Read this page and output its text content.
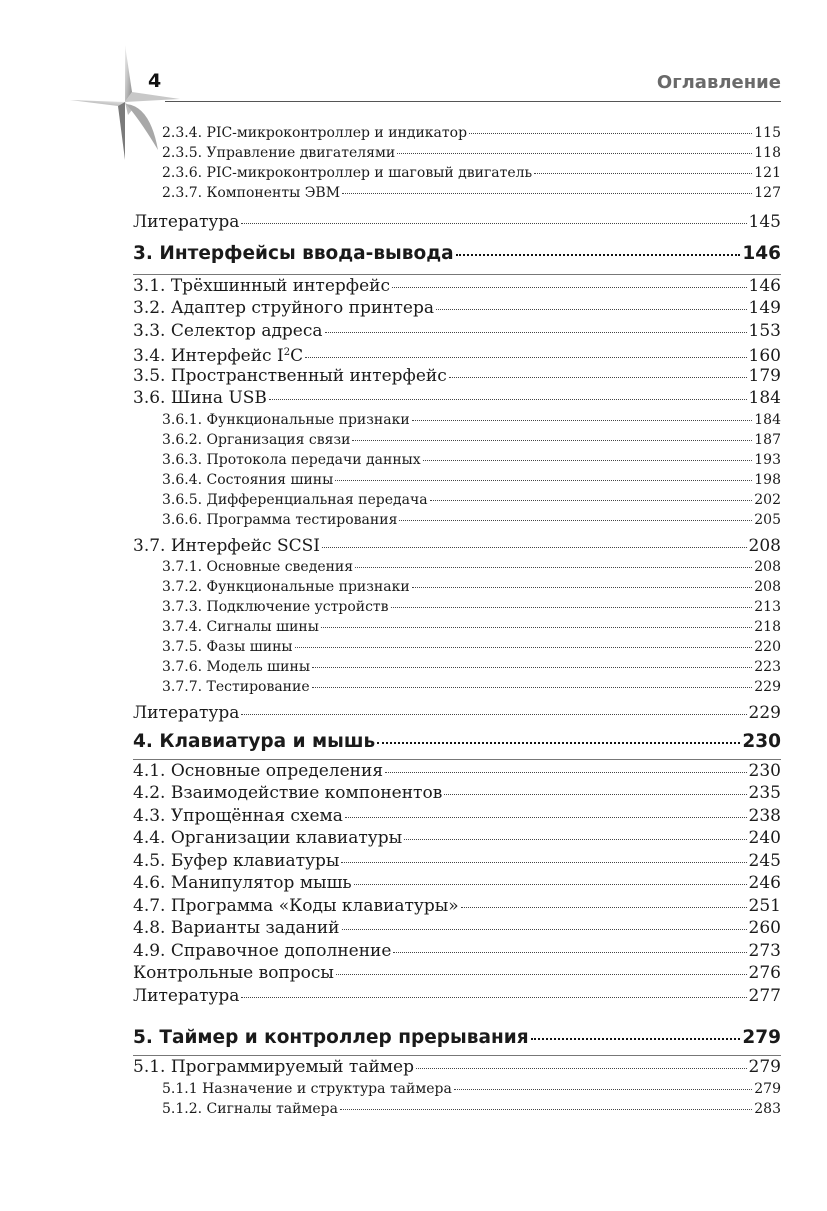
4	Оглавление
2.3.4. PIC-микроконтроллер и индикатор	115
2.3.5. Управление двигателями	118
2.3.6. PIC-микроконтроллер и шаговый двигатель	121
2.3.7. Компоненты ЭВМ	127
Литература	145
3. Интерфейсы ввода-вывода	146
3.1. Трёхшинный интерфейс	146
3.2. Адаптер струйного принтера	149
3.3. Селектор адреса	153
3.4. Интерфейс $I^2C$	160
3.5. Пространственный интерфейс	179
3.6. Шина USB	184
3.6.1. Функциональные признаки	184
3.6.2. Организация связи	187
3.6.3. Протокола передачи данных	193
3.6.4. Состояния шины	198
3.6.5. Дифференциальная передача	202
3.6.6. Программа тестирования	205
3.7. Интерфейс SCSI	208
3.7.1. Основные сведения	208
3.7.2. Функциональные признаки	208
3.7.3. Подключение устройств	213
3.7.4. Сигналы шины	218
3.7.5. Фазы шины	220
3.7.6. Модель шины	223
3.7.7. Тестирование	229
Литература	229
4. Клавиатура и мышь	230
4.1. Основные определения	230
4.2. Взаимодействие компонентов	235
4.3. Упрощённая схема	238
4.4. Организации клавиатуры	240
4.5. Буфер клавиатуры	245
4.6. Манипулятор мышь	246
4.7. Программа «Коды клавиатуры»	251
4.8. Варианты заданий	260
4.9. Справочное дополнение	273
Контрольные вопросы	276
Литература	277
5. Таймер и контроллер прерывания	279
5.1. Программируемый таймер	279
5.1.1 Назначение и структура таймера	279
5.1.2. Сигналы таймера	283
